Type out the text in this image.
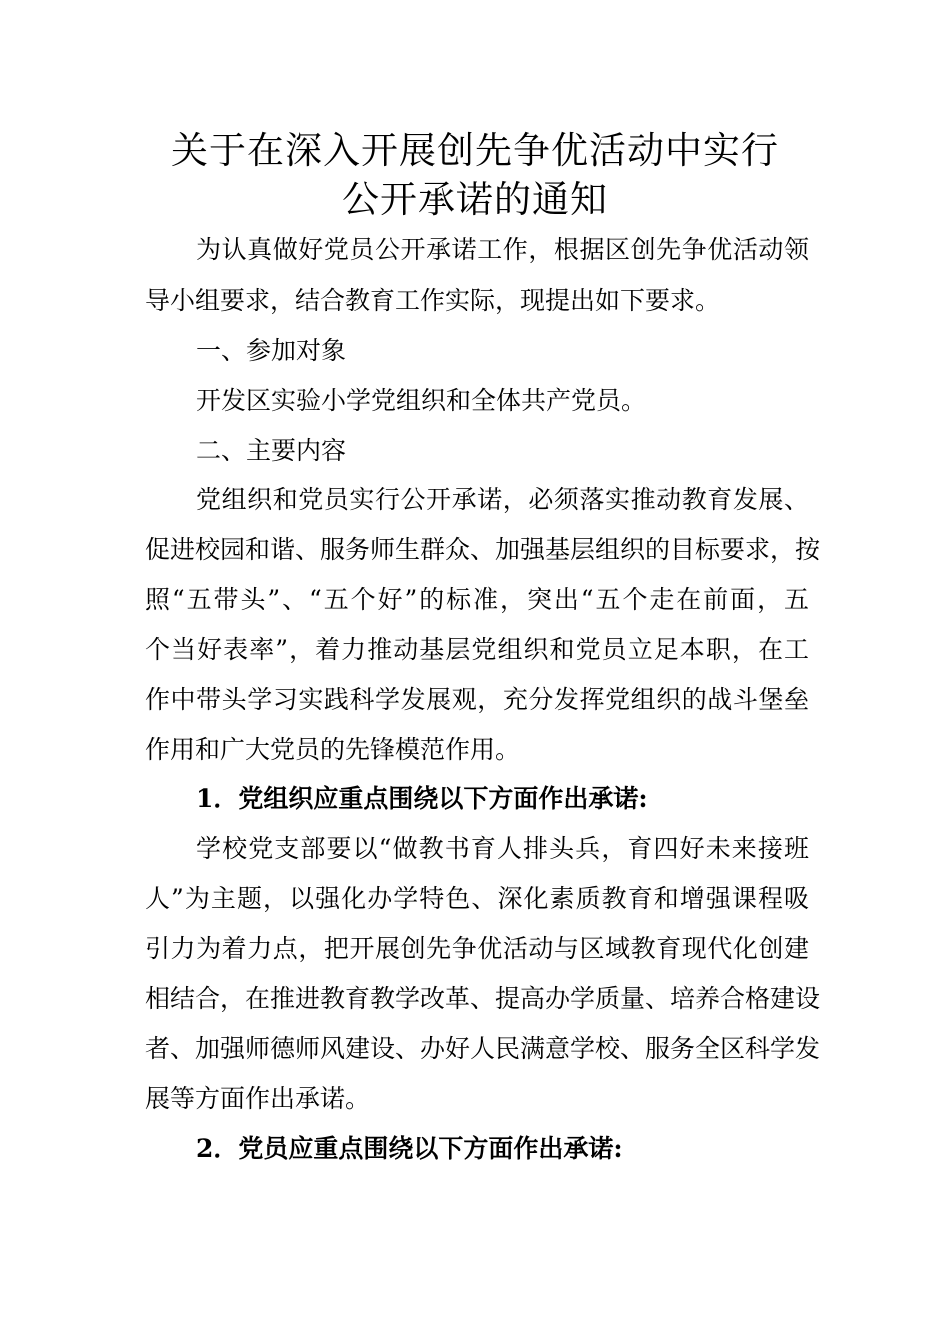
关于在深入开展创先争优活动中实行
公开承诺的通知
为认真做好党员公开承诺工作，根据区创先争优活动领
导小组要求，结合教育工作实际，现提出如下要求。
一、参加对象
开发区实验小学党组织和全体共产党员。
二、主要内容
党组织和党员实行公开承诺，必须落实推动教育发展、
促进校园和谐、服务师生群众、加强基层组织的目标要求，按
照“五带头”、“五个好”的标准，突出“五个走在前面，五
个当好表率”，着力推动基层党组织和党员立足本职，在工
作中带头学习实践科学发展观，充分发挥党组织的战斗堡垒
作用和广大党员的先锋模范作用。
1．党组织应重点围绕以下方面作出承诺:
学校党支部要以“做教书育人排头兵，育四好未来接班
人”为主题，以强化办学特色、深化素质教育和增强课程吸
引力为着力点，把开展创先争优活动与区域教育现代化创建
相结合，在推进教育教学改革、提高办学质量、培养合格建设
者、加强师德师风建设、办好人民满意学校、服务全区科学发
展等方面作出承诺。
2．党员应重点围绕以下方面作出承诺:
